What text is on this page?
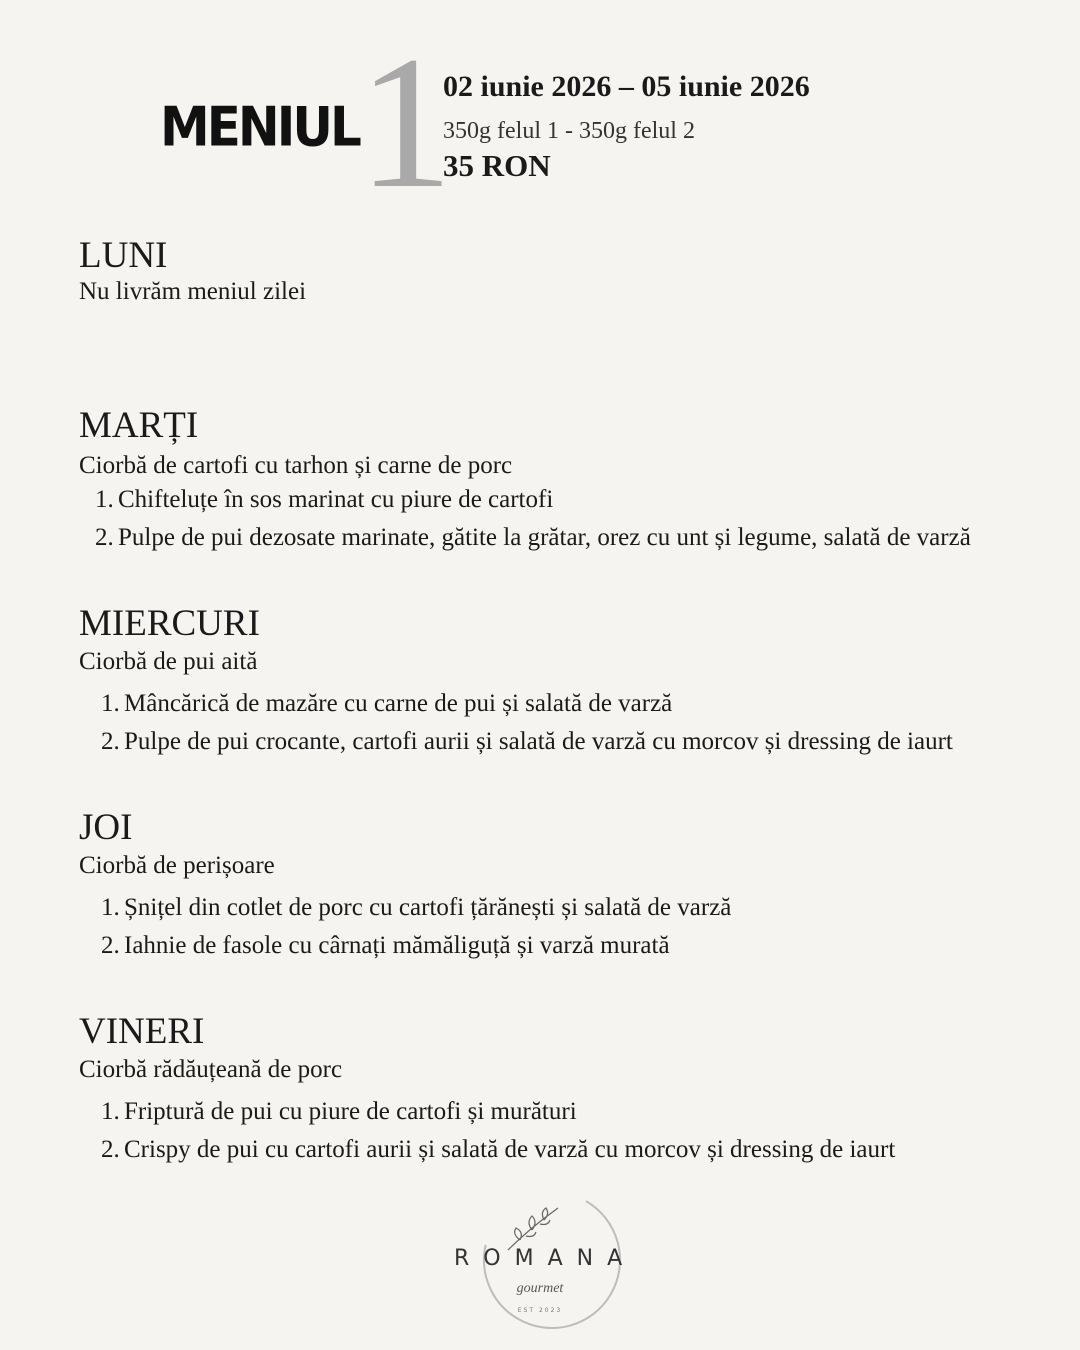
MENIUL 1
02 iunie 2026 – 05 iunie 2026
350g felul 1 - 350g felul 2
35 RON
LUNI
Nu livrăm meniul zilei
MARȚI
Ciorbă de cartofi cu tarhon și carne de porc
1. Chifteluțe în sos marinat cu piure de cartofi
2. Pulpe de pui dezosate marinate, gătite la grătar, orez cu unt și legume, salată de varză
MIERCURI
Ciorbă de pui aită
1. Mâncărică de mazăre cu carne de pui și salată de varză
2. Pulpe de pui crocante, cartofi aurii și salată de varză cu morcov și dressing de iaurt
JOI
Ciorbă de perișoare
1. Șnițel din cotlet de porc cu cartofi țărănești și salată de varză
2. Iahnie de fasole cu cârnați mămăliguță și varză murată
VINERI
Ciorbă rădăuțeană de porc
1. Friptură de pui cu piure de cartofi și murături
2. Crispy de pui cu cartofi aurii și salată de varză cu morcov și dressing de iaurt
gourmet
EST 2023
ROMANA
